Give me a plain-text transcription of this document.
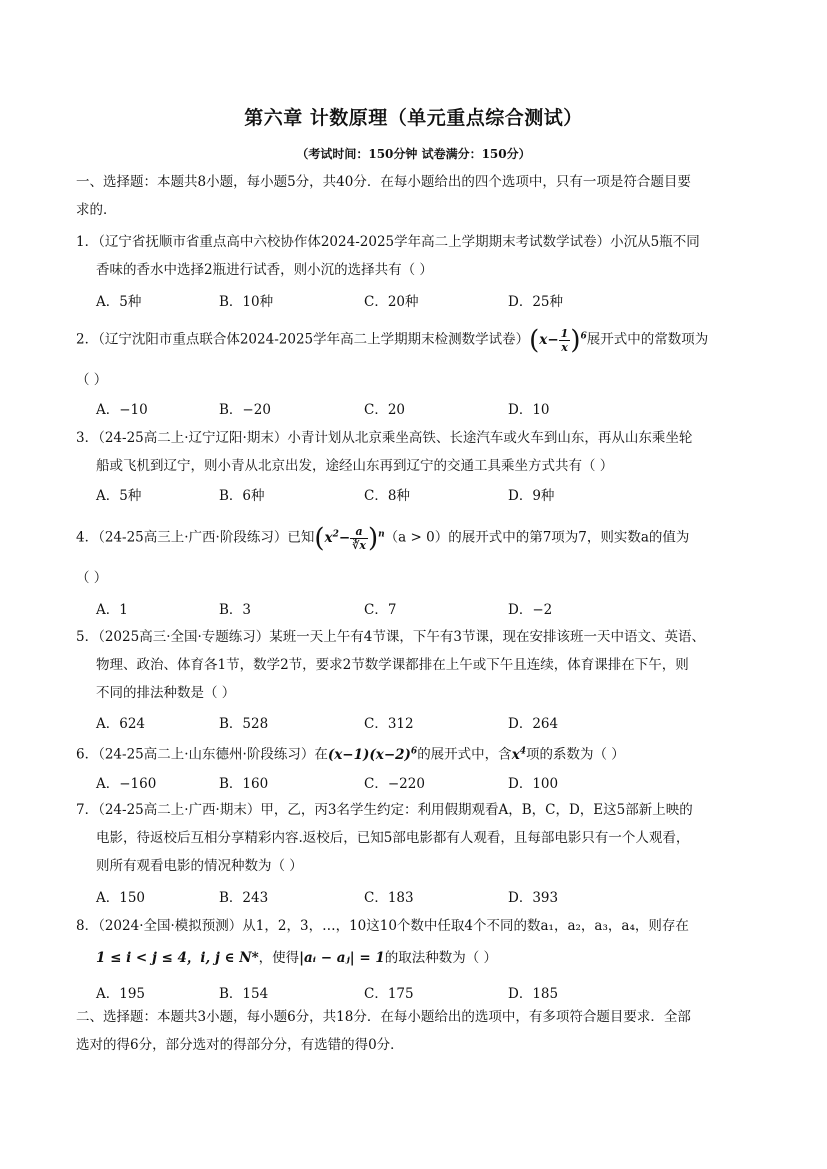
第六章 计数原理（单元重点综合测试）
（考试时间：150分钟 试卷满分：150分）
一、选择题：本题共8小题，每小题5分，共40分．在每小题给出的四个选项中，只有一项是符合题目要
求的．
1．（辽宁省抚顺市省重点高中六校协作体2024-2025学年高二上学期期末考试数学试卷）小沉从5瓶不同
香味的香水中选择2瓶进行试香，则小沉的选择共有（ ）
A．5种	B．10种	C．20种	D．25种
2．（辽宁沈阳市重点联合体2024-2025学年高二上学期期末检测数学试卷）$(x- \frac{1}{x} )^6$展开式中的常数项为
（ ）
A．−10	B．−20	C．20	D．10
3．（24-25高二上·辽宁辽阳·期末）小青计划从北京乘坐高铁、长途汽车或火车到山东，再从山东乘坐轮
船或飞机到辽宁，则小青从北京出发，途经山东再到辽宁的交通工具乘坐方式共有（ ）
A．5种	B．6种	C．8种	D．9种
4．（24-25高三上·广西·阶段练习）已知$(x^2- \frac{a}{∛x} )^n(a > 0)$的展开式中的第7项为7，则实数a的值为
（ ）
A．1	B．3	C．7	D．−2
5．（2025高三·全国·专题练习）某班一天上午有4节课，下午有3节课，现在安排该班一天中语文、英语、
物理、政治、体育各1节，数学2节，要求2节数学课都排在上午或下午且连续，体育课排在下午，则
不同的排法种数是（ ）
A．624	B．528	C．312	D．264
6．（24-25高二上·山东德州·阶段练习）在$(x-1)(x-2)^6$的展开式中，含$x^4$项的系数为（ ）
A．−160	B．160	C．−220	D．100
7．（24-25高二上·广西·期末）甲，乙，丙3名学生约定：利用假期观看A，B，C，D，E这5部新上映的
电影，待返校后互相分享精彩内容.返校后，已知5部电影都有人观看，且每部电影只有一个人观看，
则所有观看电影的情况种数为（ ）
A．150	B．243	C．183	D．393
8．（2024·全国·模拟预测）从1，2，3，…，10这10个数中任取4个不同的数a₁，a₂，a₃，a₄，则存在
1 ≤ i < j ≤ 4，i, j ∈ N*，使得|aᵢ − aⱼ| = 1的取法种数为（ ）
A．195	B．154	C．175	D．185
二、选择题：本题共3小题，每小题6分，共18分．在每小题给出的选项中，有多项符合题目要求．全部
选对的得6分，部分选对的得部分分，有选错的得0分．
